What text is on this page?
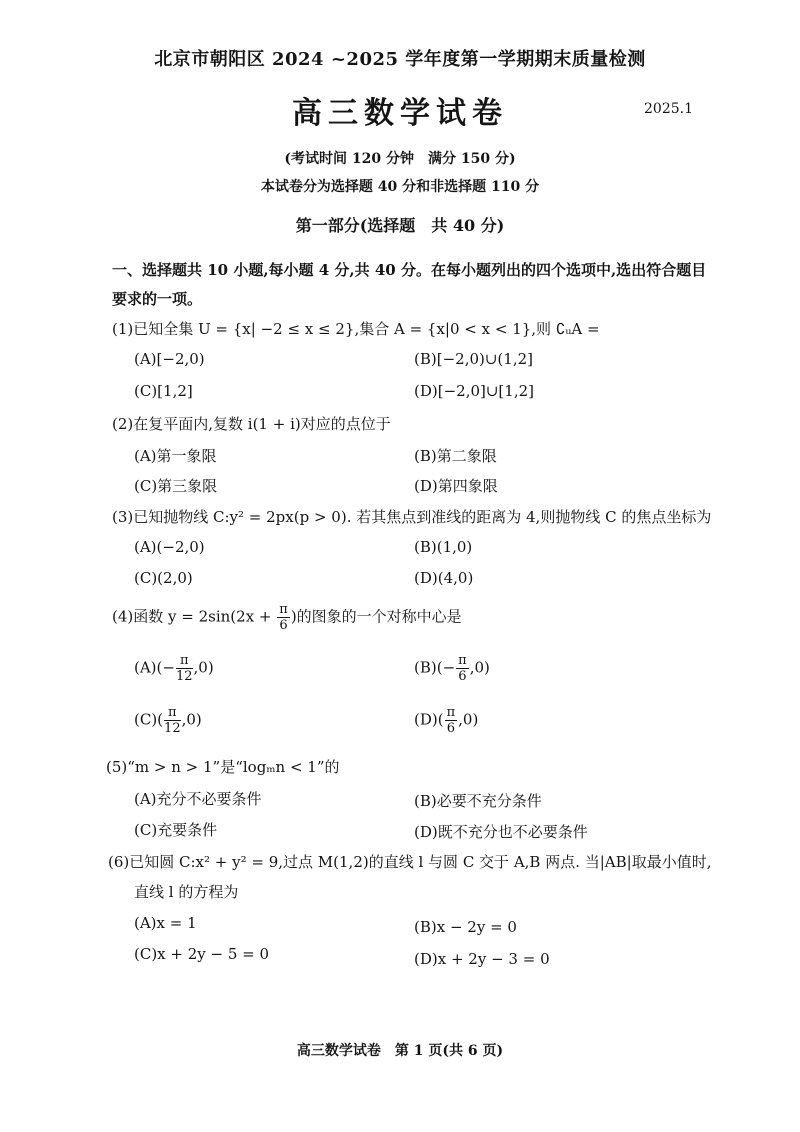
北京市朝阳区 2024 ~2025 学年度第一学期期末质量检测
高三数学试卷	2025.1
(考试时间 120 分钟　满分 150 分)
本试卷分为选择题 40 分和非选择题 110 分
第一部分(选择题　共 40 分)
一、选择题共 10 小题,每小题 4 分,共 40 分。在每小题列出的四个选项中,选出符合题目要求的一项。
(1)已知全集 U = {x| −2 ≤ x ≤ 2},集合 A = {x|0 < x < 1},则 ∁ᵤA =
(A)[−2,0)	(B)[−2,0)∪(1,2]
(C)[1,2]	(D)[−2,0]∪[1,2]
(2)在复平面内,复数 i(1 + i)对应的点位于
(A)第一象限	(B)第二象限
(C)第三象限	(D)第四象限
(3)已知抛物线 C:y² = 2px(p > 0). 若其焦点到准线的距离为 4,则抛物线 C 的焦点坐标为
(A)(−2,0)	(B)(1,0)
(C)(2,0)	(D)(4,0)
(4)函数 $y = 2\sin(2x + \frac{\pi}{6}$ )的图象的一个对称中心是
$(A)(- \frac{\pi}{12} ,0)$	$(B)(- \frac{\pi}{6} ,0)$
$(C)( \frac{\pi}{12} ,0)$	$(D)( \frac{\pi}{6} ,0)$
(5)“m > n > 1”是“logₘn < 1”的
(A)充分不必要条件	(B)必要不充分条件
(C)充要条件	(D)既不充分也不必要条件
(6)已知圆 C:x² + y² = 9,过点 M(1,2)的直线 l 与圆 C 交于 A,B 两点. 当|AB|取最小值时,
直线 l 的方程为
(A)x = 1	(B)x − 2y = 0
(C)x + 2y − 5 = 0	(D)x + 2y − 3 = 0
高三数学试卷　第 1 页(共 6 页)
